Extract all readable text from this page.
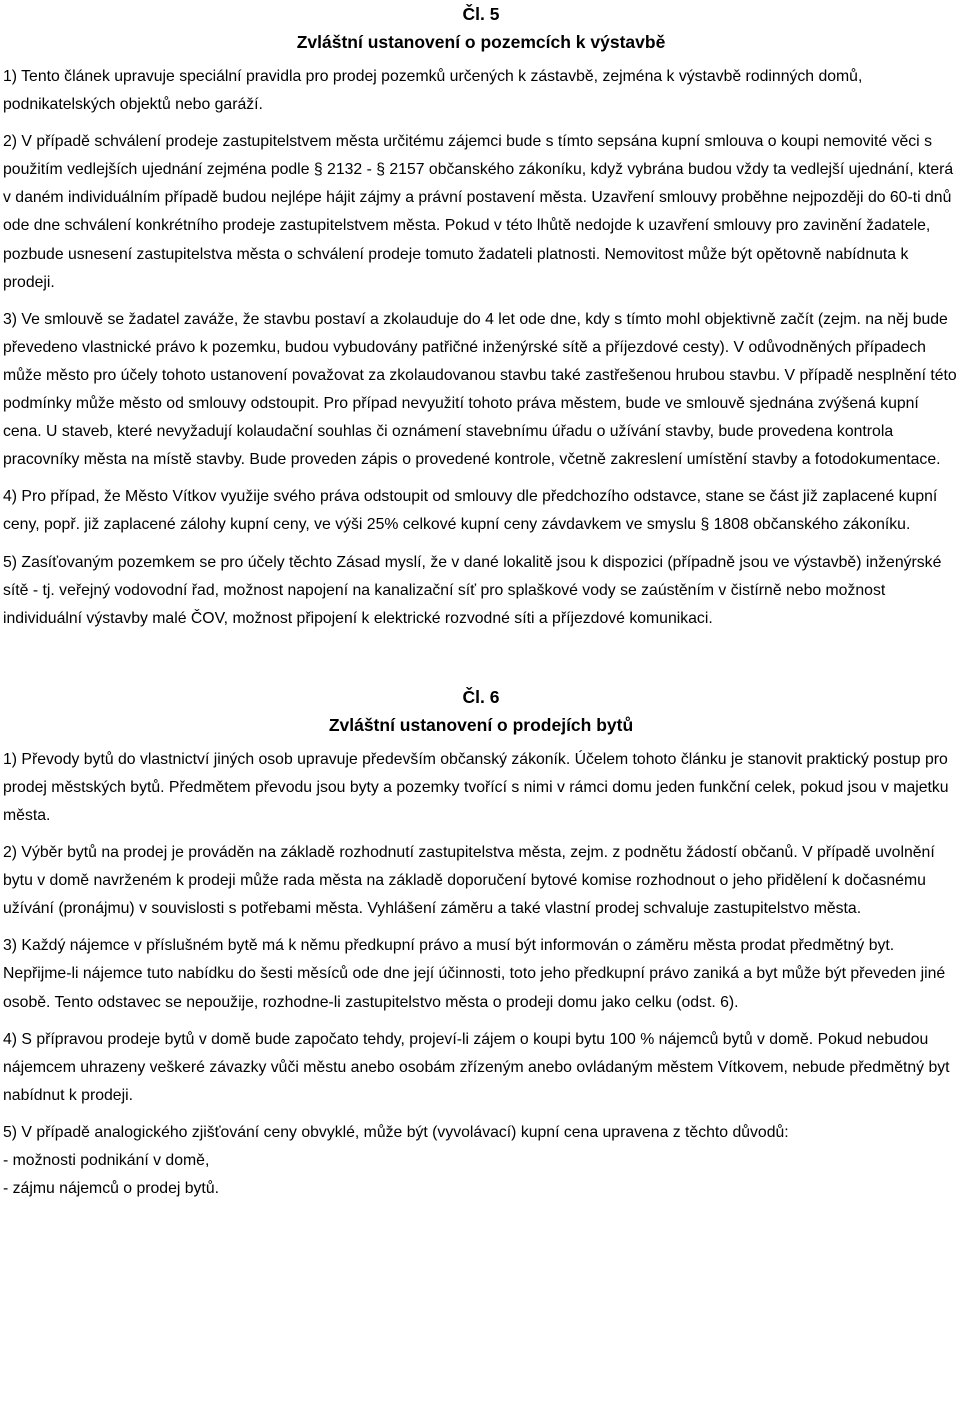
Čl. 5
Zvláštní ustanovení o pozemcích k výstavbě

1) Tento článek upravuje speciální pravidla pro prodej pozemků určených k zástavbě, zejména k výstavbě rodinných domů, podnikatelských objektů nebo garáží.

2) V případě schválení prodeje zastupitelstvem města určitému zájemci bude s tímto sepsána kupní smlouva o koupi nemovité věci s použitím vedlejších ujednání zejména podle § 2132 - § 2157 občanského zákoníku, když vybrána budou vždy ta vedlejší ujednání, která v daném individuálním případě budou nejlépe hájit zájmy a právní postavení města. Uzavření smlouvy proběhne nejpozději do 60-ti dnů ode dne schválení konkrétního prodeje zastupitelstvem města. Pokud v této lhůtě nedojde k uzavření smlouvy pro zavinění žadatele, pozbude usnesení zastupitelstva města o schválení prodeje tomuto žadateli platnosti. Nemovitost může být opětovně nabídnuta k prodeji.

3) Ve smlouvě se žadatel zaváže, že stavbu postaví a zkolauduje do 4 let ode dne, kdy s tímto mohl objektivně začít (zejm. na něj bude převedeno vlastnické právo k pozemku, budou vybudovány patřičné inženýrské sítě a příjezdové cesty). V odůvodněných případech může město pro účely tohoto ustanovení považovat za zkolaudovanou stavbu také zastřešenou hrubou stavbu. V případě nesplnění této podmínky může město od smlouvy odstoupit. Pro případ nevyužití tohoto práva městem, bude ve smlouvě sjednána zvýšená kupní cena. U staveb, které nevyžadují kolaudační souhlas či oznámení stavebnímu úřadu o užívání stavby, bude provedena kontrola pracovníky města na místě stavby. Bude proveden zápis o provedené kontrole, včetně zakreslení umístění stavby a fotodokumentace.

4) Pro případ, že Město Vítkov využije svého práva odstoupit od smlouvy dle předchozího odstavce, stane se část již zaplacené kupní ceny, popř. již zaplacené zálohy kupní ceny, ve výši 25% celkové kupní ceny závdavkem ve smyslu § 1808 občanského zákoníku.

5) Zasíťovaným pozemkem se pro účely těchto Zásad myslí, že v dané lokalitě jsou k dispozici (případně jsou ve výstavbě) inženýrské sítě - tj. veřejný vodovodní řad, možnost napojení na kanalizační síť pro splaškové vody se zaústěním v čistírně nebo možnost individuální výstavby malé ČOV, možnost připojení k elektrické rozvodné síti a příjezdové komunikaci.

Čl. 6
Zvláštní ustanovení o prodejích bytů

1) Převody bytů do vlastnictví jiných osob upravuje především občanský zákoník. Účelem tohoto článku je stanovit praktický postup pro prodej městských bytů. Předmětem převodu jsou byty a pozemky tvořící s nimi v rámci domu jeden funkční celek, pokud jsou v majetku města.

2) Výběr bytů na prodej je prováděn na základě rozhodnutí zastupitelstva města, zejm. z podnětu žádostí občanů. V případě uvolnění bytu v domě navrženém k prodeji může rada města na základě doporučení bytové komise rozhodnout o jeho přidělení k dočasnému užívání (pronájmu) v souvislosti s potřebami města. Vyhlášení záměru a také vlastní prodej schvaluje zastupitelstvo města.

3) Každý nájemce v příslušném bytě má k němu předkupní právo a musí být informován o záměru města prodat předmětný byt. Nepřijme-li nájemce tuto nabídku do šesti měsíců ode dne její účinnosti, toto jeho předkupní právo zaniká a byt může být převeden jiné osobě. Tento odstavec se nepoužije, rozhodne-li zastupitelstvo města o prodeji domu jako celku (odst. 6).

4) S přípravou prodeje bytů v domě bude započato tehdy, projeví-li zájem o koupi bytu 100 % nájemců bytů v domě. Pokud nebudou nájemcem uhrazeny veškeré závazky vůči městu anebo osobám zřízeným anebo ovládaným městem Vítkovem, nebude předmětný byt nabídnut k prodeji.

5) V případě analogického zjišťování ceny obvyklé, může být (vyvolávací) kupní cena upravena z těchto důvodů:

- možnosti podnikání v domě,

- zájmu nájemců o prodej bytů.
